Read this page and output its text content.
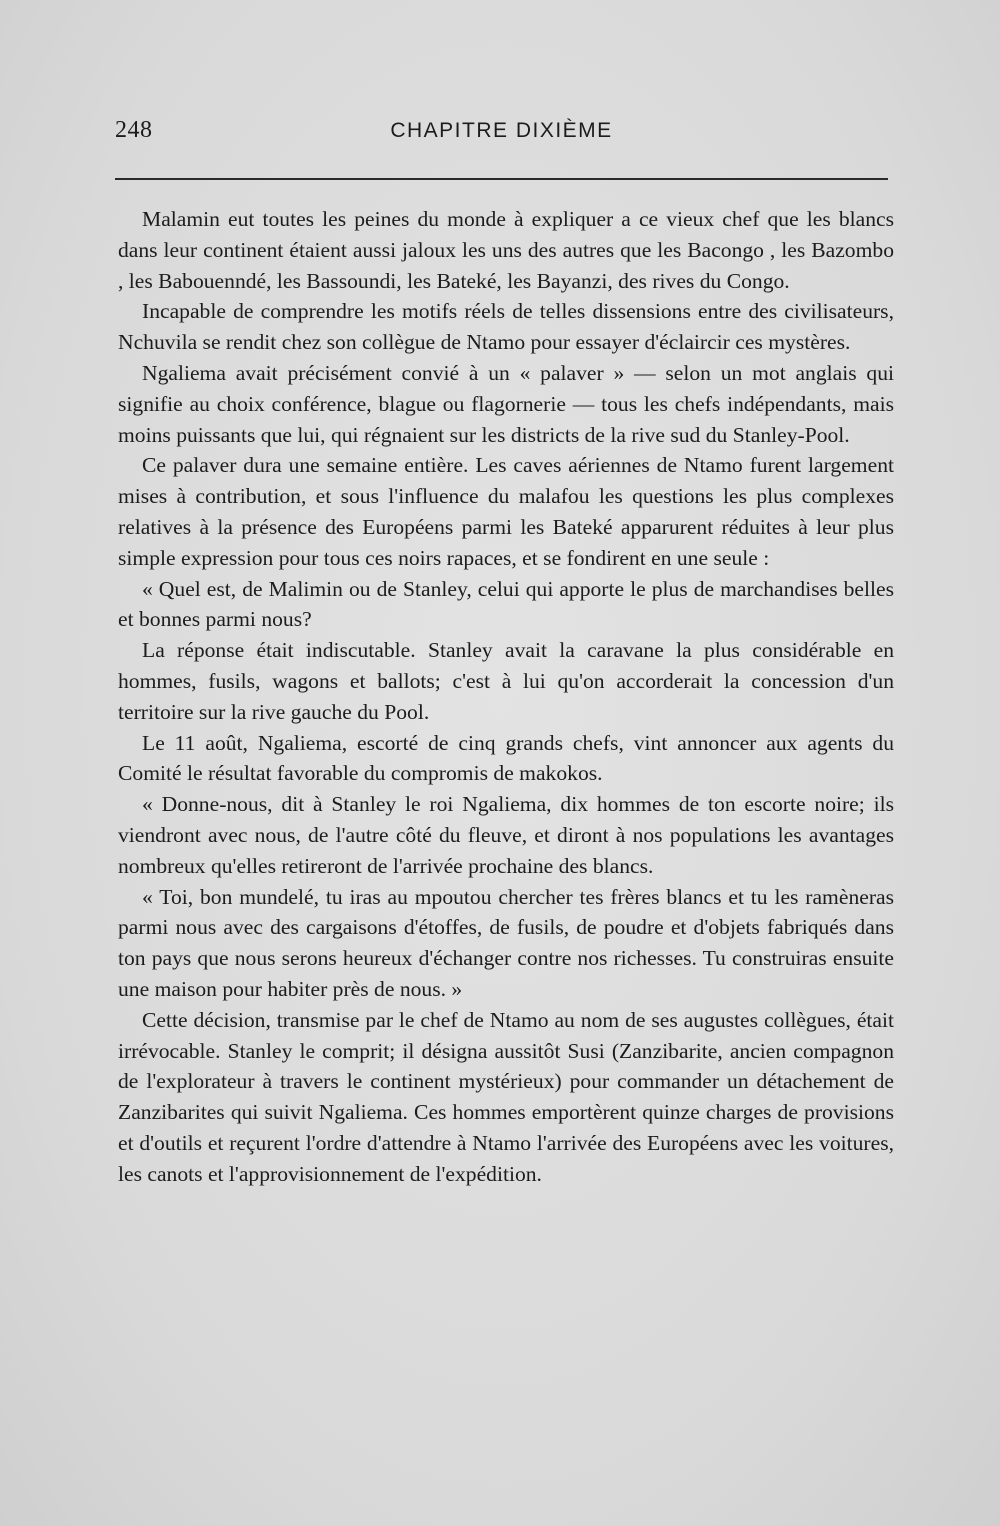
248	CHAPITRE DIXIÈME

Malamin eut toutes les peines du monde à expliquer a ce vieux chef que les blancs dans leur continent étaient aussi jaloux les uns des autres que les Bacongo , les Bazombo , les Babouenndé, les Bassoundi, les Bateké, les Bayanzi, des rives du Congo.

Incapable de comprendre les motifs réels de telles dissensions entre des civilisateurs, Nchuvila se rendit chez son collègue de Ntamo pour essayer d'éclaircir ces mystères.

Ngaliema avait précisément convié à un « palaver » — selon un mot anglais qui signifie au choix conférence, blague ou flagornerie — tous les chefs indépendants, mais moins puissants que lui, qui régnaient sur les districts de la rive sud du Stanley-Pool.

Ce palaver dura une semaine entière. Les caves aériennes de Ntamo furent largement mises à contribution, et sous l'influence du malafou les questions les plus complexes relatives à la présence des Européens parmi les Bateké apparurent réduites à leur plus simple expression pour tous ces noirs rapaces, et se fondirent en une seule :

« Quel est, de Malimin ou de Stanley, celui qui apporte le plus de marchandises belles et bonnes parmi nous?

La réponse était indiscutable. Stanley avait la caravane la plus considérable en hommes, fusils, wagons et ballots; c'est à lui qu'on accorderait la concession d'un territoire sur la rive gauche du Pool.

Le 11 août, Ngaliema, escorté de cinq grands chefs, vint annoncer aux agents du Comité le résultat favorable du compromis de makokos.

« Donne-nous, dit à Stanley le roi Ngaliema, dix hommes de ton escorte noire; ils viendront avec nous, de l'autre côté du fleuve, et diront à nos populations les avantages nombreux qu'elles retireront de l'arrivée prochaine des blancs.

« Toi, bon mundelé, tu iras au mpoutou chercher tes frères blancs et tu les ramèneras parmi nous avec des cargaisons d'étoffes, de fusils, de poudre et d'objets fabriqués dans ton pays que nous serons heureux d'échanger contre nos richesses. Tu construiras ensuite une maison pour habiter près de nous. »

Cette décision, transmise par le chef de Ntamo au nom de ses augustes collègues, était irrévocable. Stanley le comprit; il désigna aussitôt Susi (Zanzibarite, ancien compagnon de l'explorateur à travers le continent mystérieux) pour commander un détachement de Zanzibarites qui suivit Ngaliema. Ces hommes emportèrent quinze charges de provisions et d'outils et reçurent l'ordre d'attendre à Ntamo l'arrivée des Européens avec les voitures, les canots et l'approvisionnement de l'expédition.
